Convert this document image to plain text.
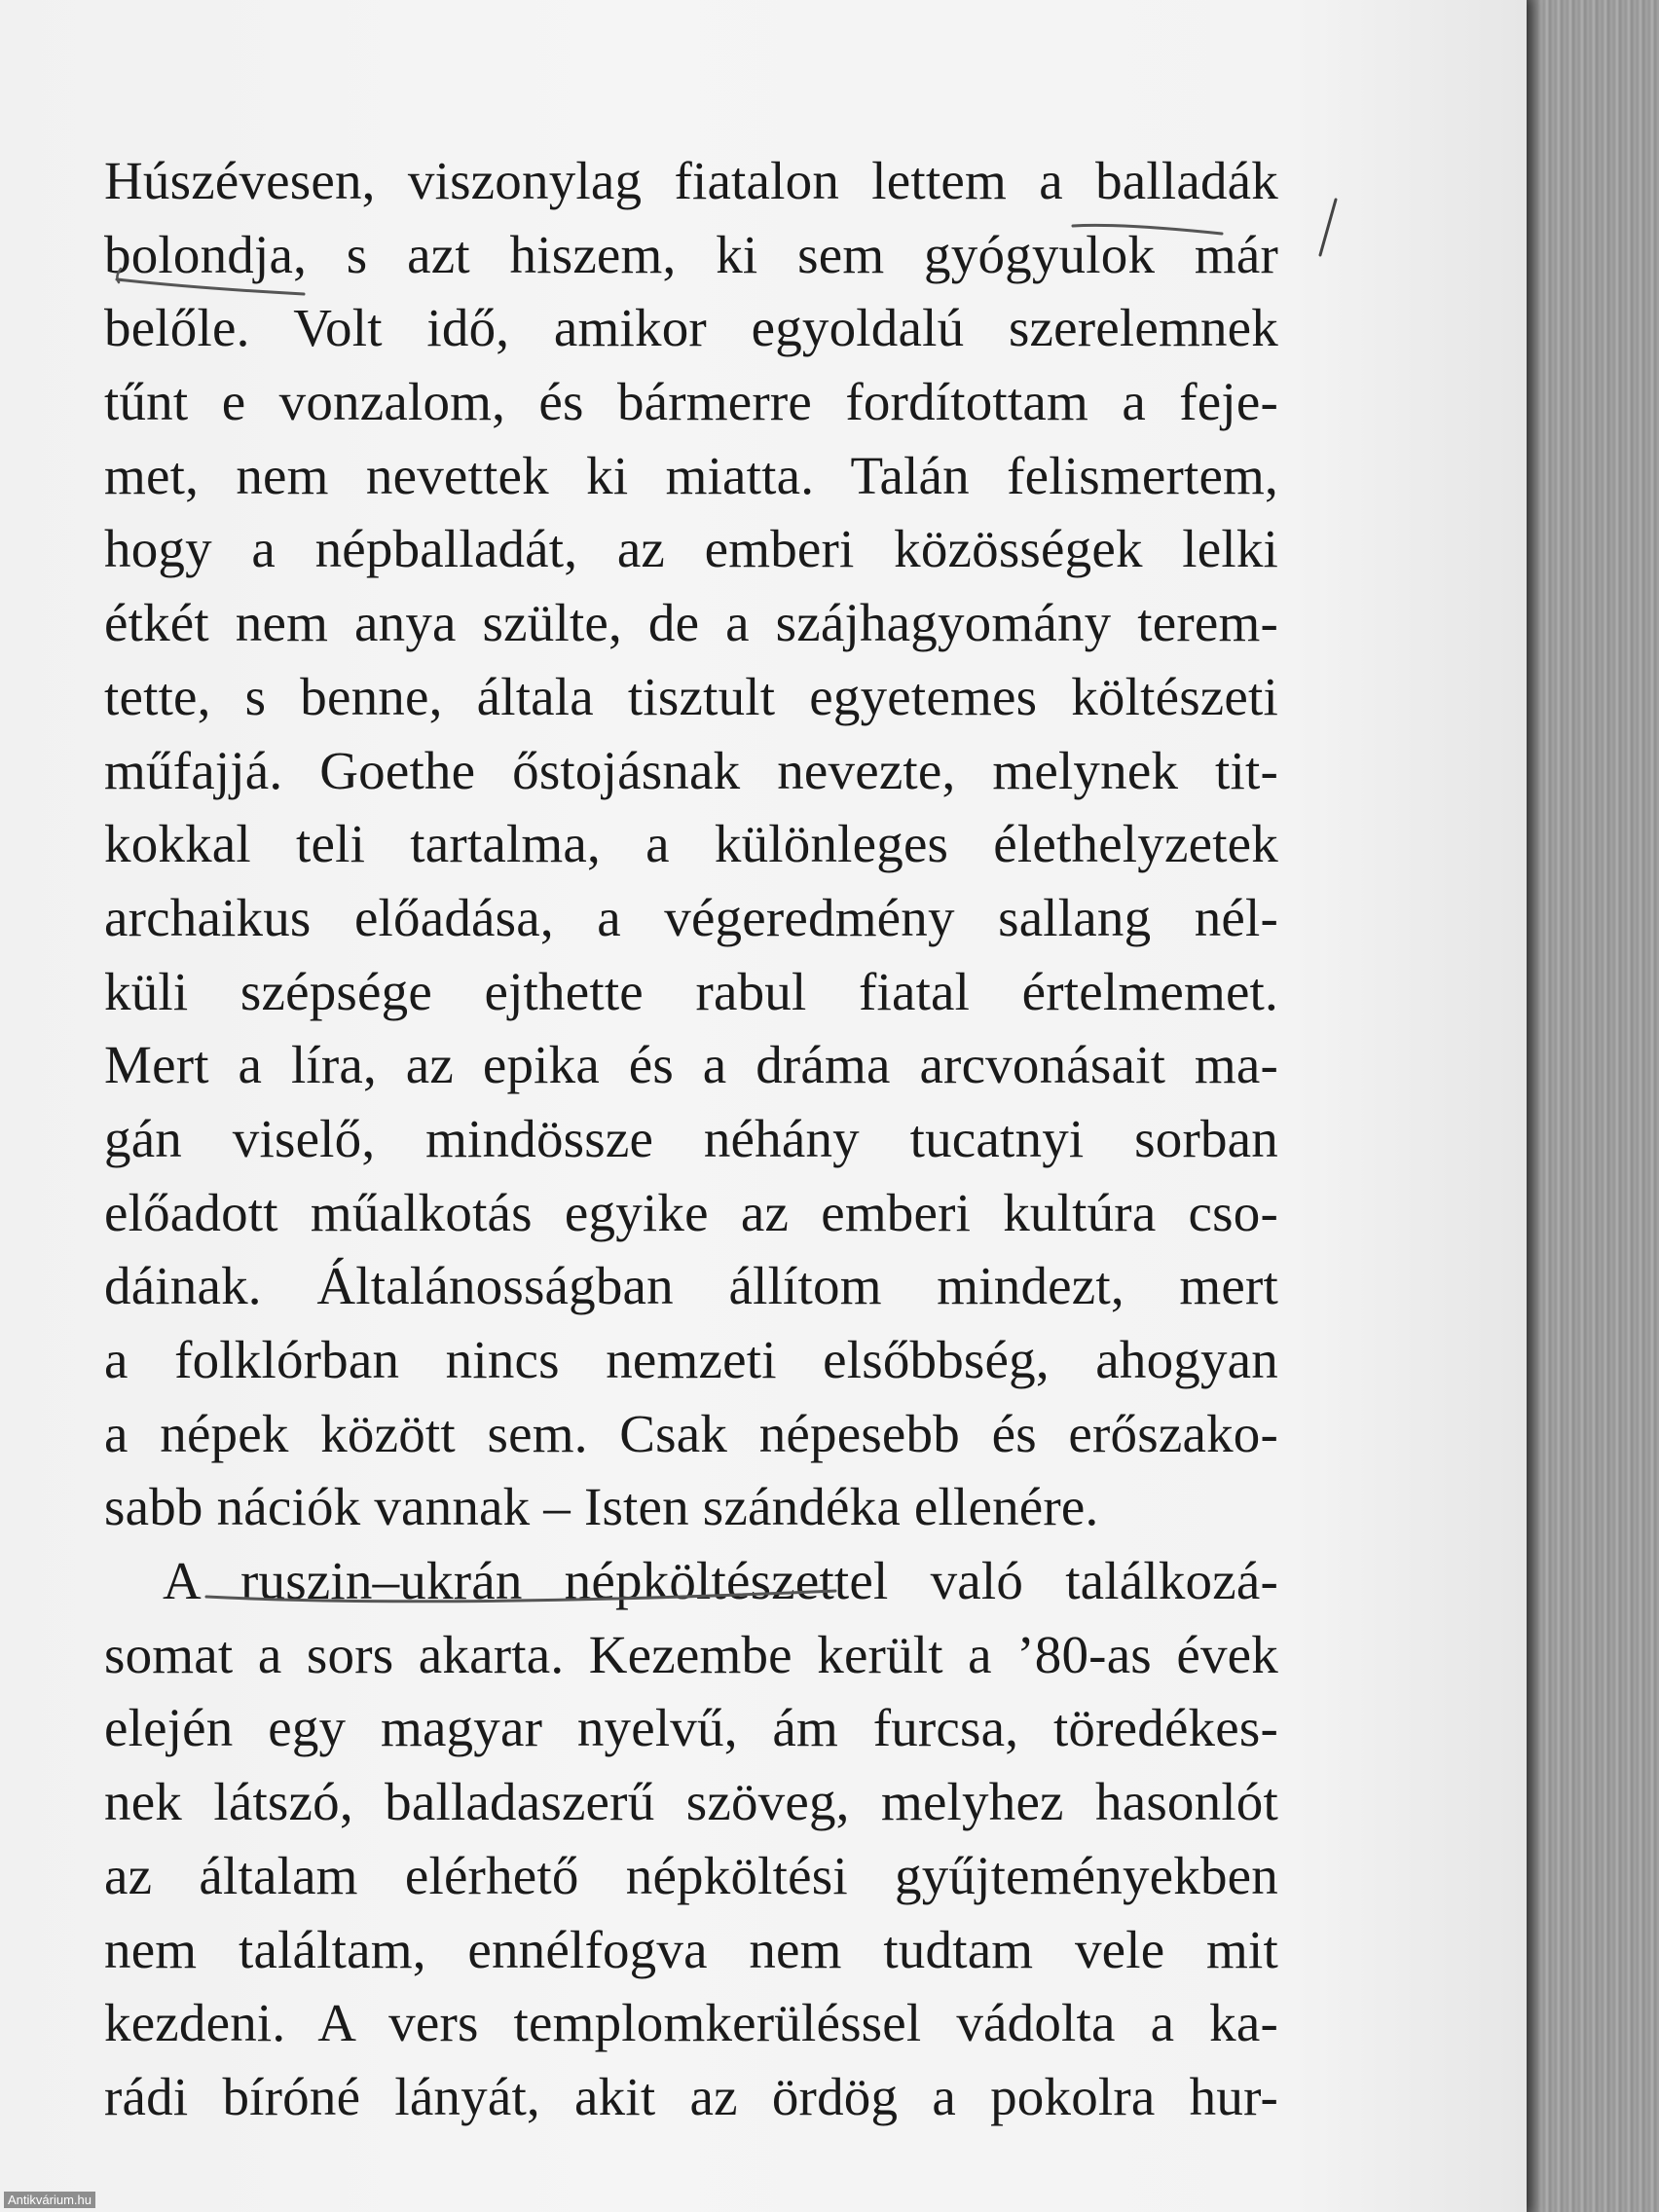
Húszévesen, viszonylag fiatalon lettem a balladák
bolondja, s azt hiszem, ki sem gyógyulok már
belőle. Volt idő, amikor egyoldalú szerelemnek
tűnt e vonzalom, és bármerre fordítottam a feje-
met, nem nevettek ki miatta. Talán felismertem,
hogy a népballadát, az emberi közösségek lelki
étkét nem anya szülte, de a szájhagyomány terem-
tette, s benne, általa tisztult egyetemes költészeti
műfajjá. Goethe őstojásnak nevezte, melynek tit-
kokkal teli tartalma, a különleges élethelyzetek
archaikus előadása, a végeredmény sallang nél-
küli szépsége ejthette rabul fiatal értelmemet.
Mert a líra, az epika és a dráma arcvonásait ma-
gán viselő, mindössze néhány tucatnyi sorban
előadott műalkotás egyike az emberi kultúra cso-
dáinak. Általánosságban állítom mindezt, mert
a folklórban nincs nemzeti elsőbbség, ahogyan
a népek között sem. Csak népesebb és erőszako-
sabb nációk vannak – Isten szándéka ellenére.
A ruszin–ukrán népköltészettel való találkozá-
somat a sors akarta. Kezembe került a ’80-as évek
elején egy magyar nyelvű, ám furcsa, töredékes-
nek látszó, balladaszerű szöveg, melyhez hasonlót
az általam elérhető népköltési gyűjteményekben
nem találtam, ennélfogva nem tudtam vele mit
kezdeni. A vers templomkerüléssel vádolta a ka-
rádi bíróné lányát, akit az ördög a pokolra hur-
Antikvárium.hu
